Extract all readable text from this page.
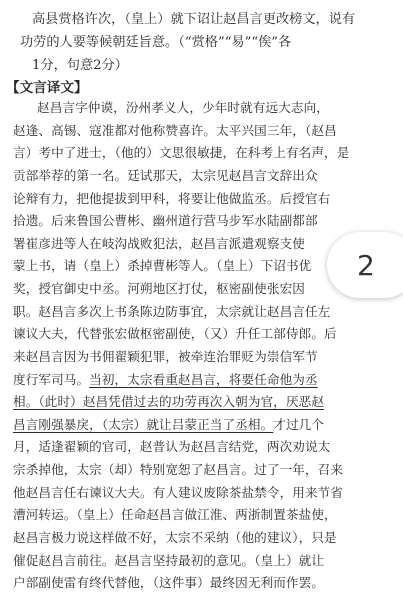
高县赏格许次，（皇上）就下诏让赵昌言更改榜文，说有
功劳的人要等候朝廷旨意。（“赏格”“易”“俟”各
1分，句意2分）
【文言译文】
赵昌言字仲谟，汾州孝义人，少年时就有远大志向，
赵逢、高锡、寇准都对他称赞喜许。太平兴国三年，（赵昌
言）考中了进士，（他的）文思很敏捷，在科考上有名声，是
贡部举荐的第一名。廷试那天，太宗见赵昌言文辞出众
论辩有力，把他提拔到甲科，将要让他做监丞。后授官右
拾遗。后来鲁国公曹彬、幽州道行营马步军水陆副都部
署崔彦进等人在岐沟战败犯法，赵昌言派遣观察支使
蒙上书，请（皇上）杀掉曹彬等人。（皇上）下诏书优
奖，授官御史中丞。河朔地区打仗，枢密副使张宏因
职。赵昌言多次上书条陈边防事宜，太宗就让赵昌言任左
谏议大夫，代替张宏做枢密副使，（又）升任工部侍郎。后
来赵昌言因为书佣翟颖犯罪，被牵连治罪贬为崇信军节
度行军司马。当初，太宗看重赵昌言，将要任命他为丞
相。（此时）赵昌凭借过去的功劳再次入朝为官，厌恶赵
昌言刚强暴戾，（太宗）就让吕蒙正当了丞相。才过几个
月，适逢翟颖的官司，赵普认为赵昌言结党，两次劝说太
宗杀掉他，太宗（却）特别宽恕了赵昌言。过了一年，召来
他赵昌言任右谏议大夫。有人建议废除茶盐禁令，用来节省
漕河转运。（皇上）任命赵昌言做江淮、两浙制置茶盐使，
赵昌言极力说这样做不好，太宗不采纳（他的建议），只是
催促赵昌言前往。赵昌言坚持最初的意见。（皇上）就让
户部副使雷有终代替他，（这件事）最终因无利而作罢。
2
